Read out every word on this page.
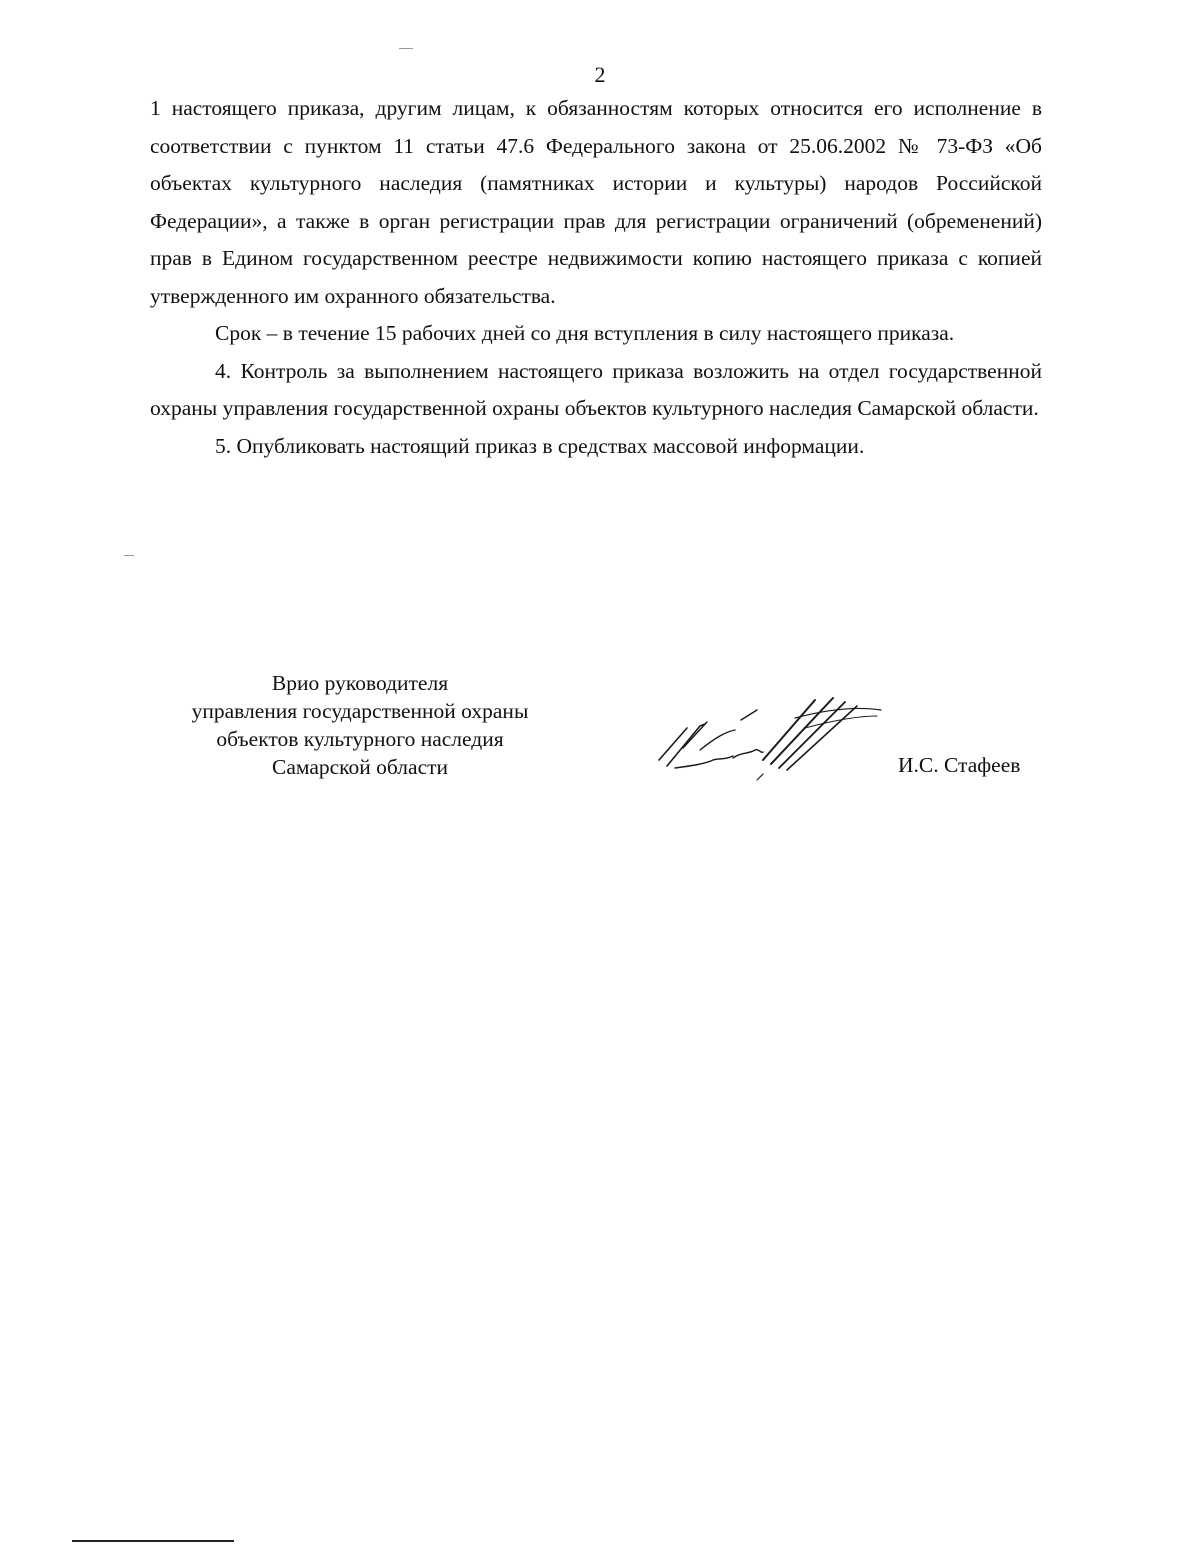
2

1 настоящего приказа, другим лицам, к обязанностям которых относится его исполнение в соответствии с пунктом 11 статьи 47.6 Федерального закона от 25.06.2002 № 73-ФЗ «Об объектах культурного наследия (памятниках истории и культуры) народов Российской Федерации», а также в орган регистрации прав для регистрации ограничений (обременений) прав в Едином государственном реестре недвижимости копию настоящего приказа с копией утвержденного им охранного обязательства.

Срок – в течение 15 рабочих дней со дня вступления в силу настоящего приказа.

4. Контроль за выполнением настоящего приказа возложить на отдел государственной охраны управления государственной охраны объектов культурного наследия Самарской области.

5. Опубликовать настоящий приказ в средствах массовой информации.

Врио руководителя
управления государственной охраны
объектов культурного наследия
Самарской области	И.С. Стафеев
